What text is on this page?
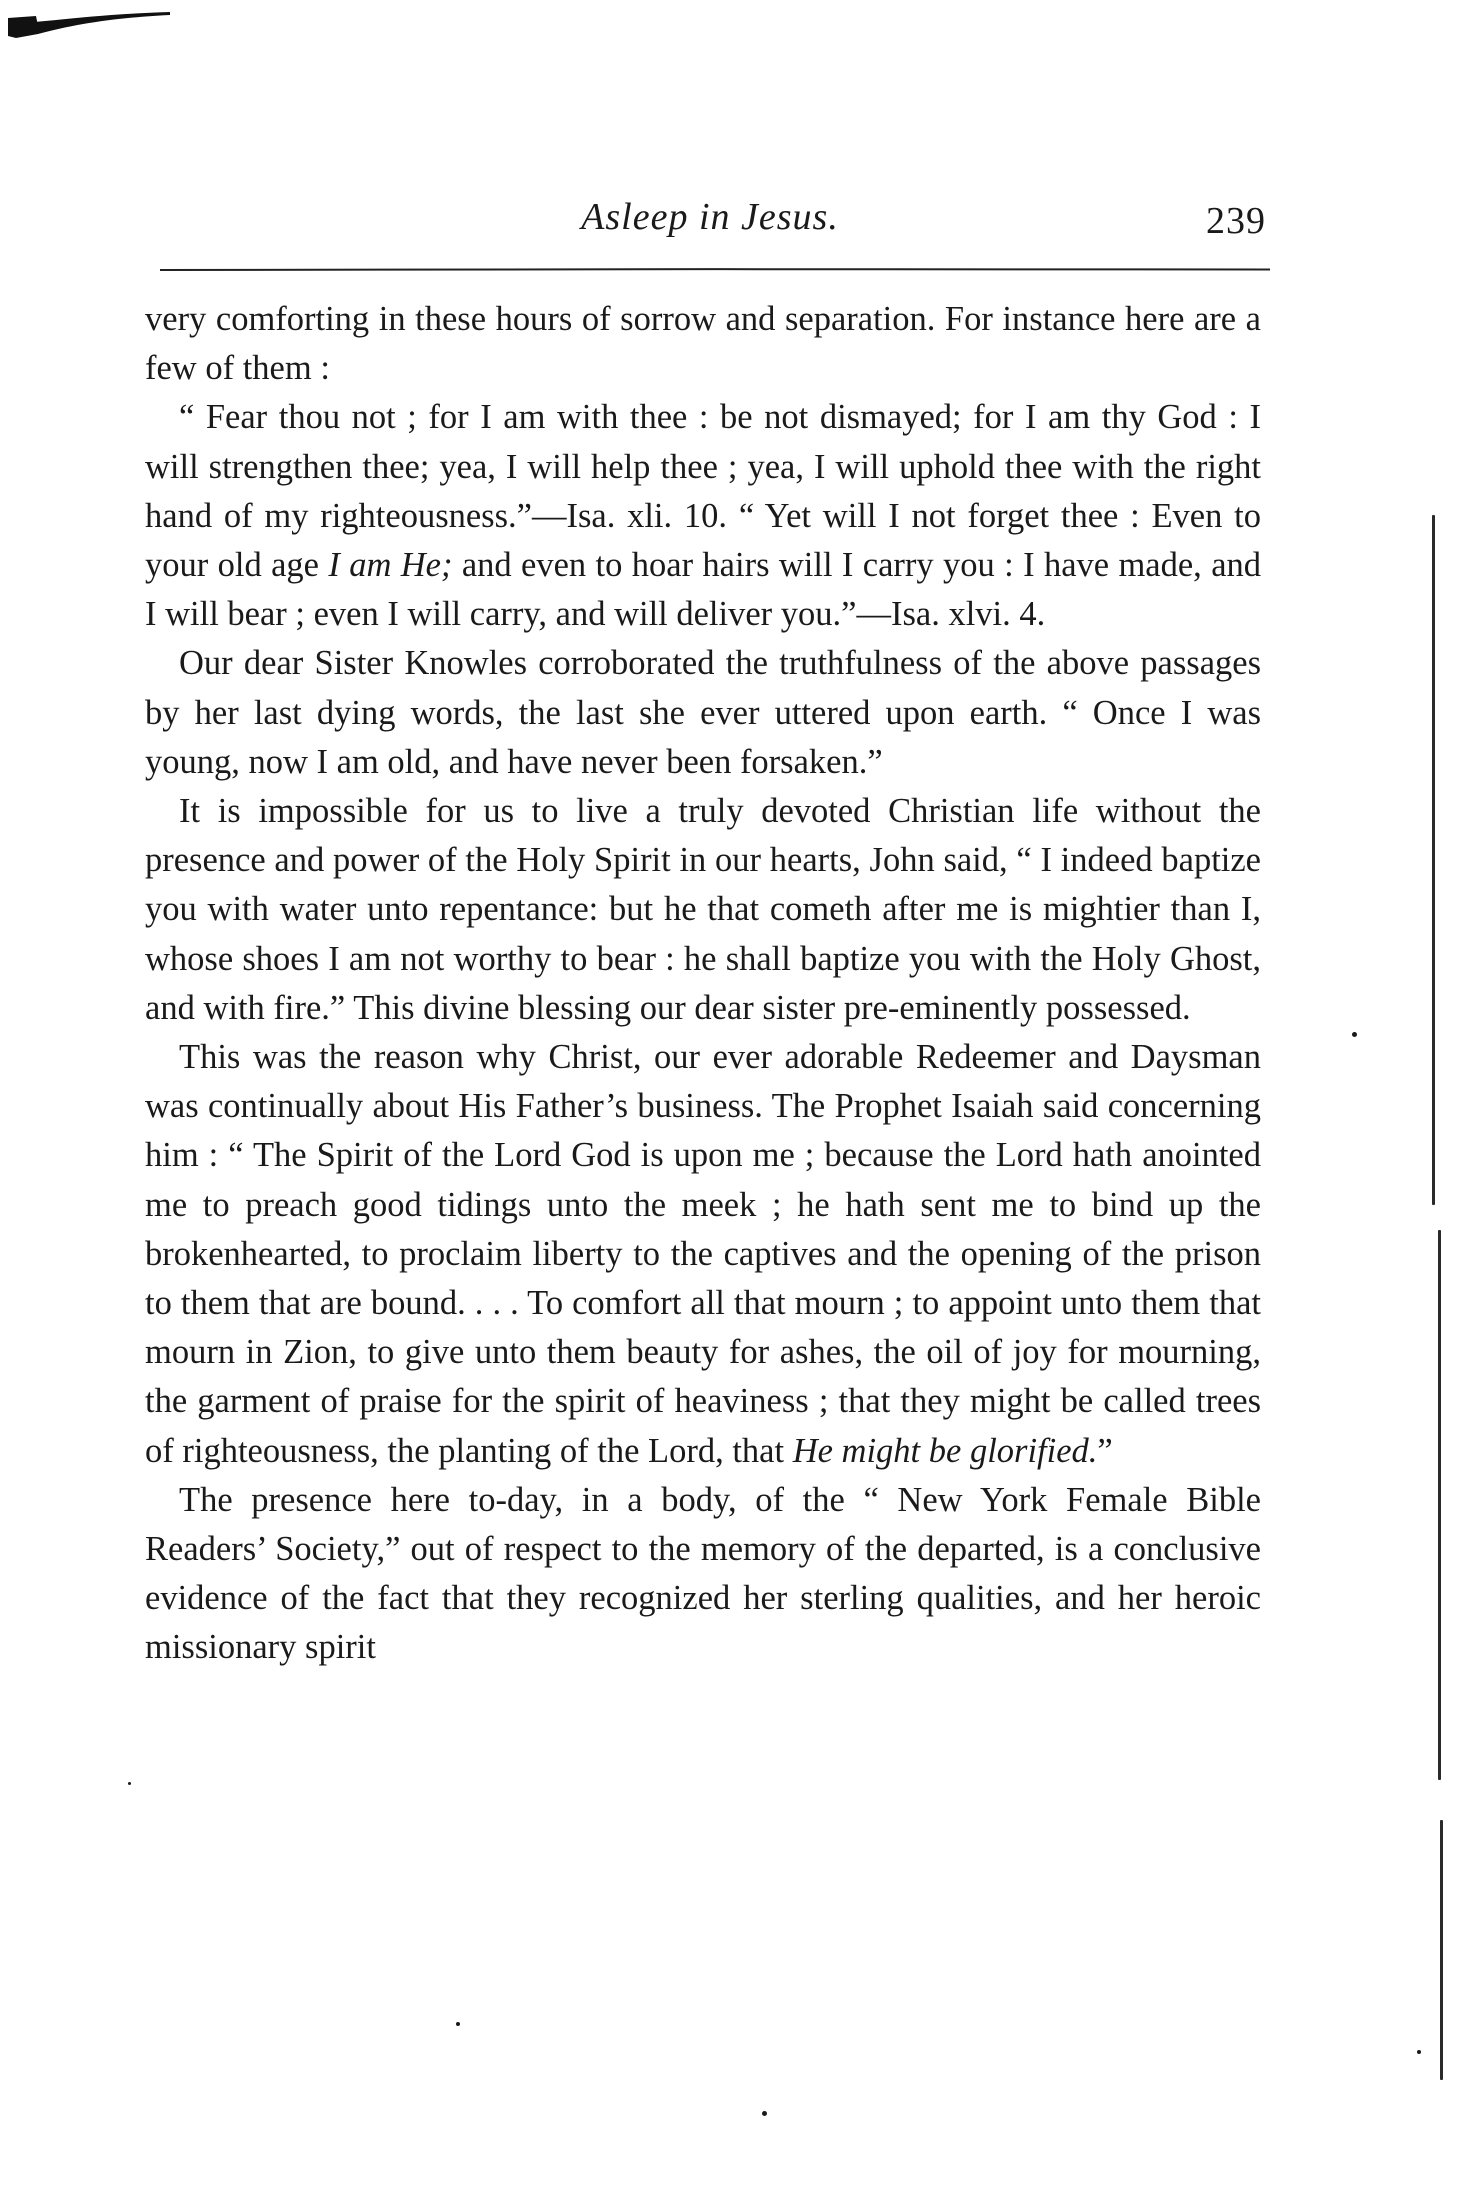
Asleep in Jesus.	239

very comforting in these hours of sorrow and separation. For instance here are a few of them :

“ Fear thou not ; for I am with thee : be not dismayed; for I am thy God : I will strengthen thee; yea, I will help thee ; yea, I will uphold thee with the right hand of my righteousness.”—Isa. xli. 10. “ Yet will I not forget thee : Even to your old age I am He; and even to hoar hairs will I carry you : I have made, and I will bear ; even I will carry, and will deliver you.”—Isa. xlvi. 4.

Our dear Sister Knowles corroborated the truthfulness of the above passages by her last dying words, the last she ever uttered upon earth. “ Once I was young, now I am old, and have never been forsaken.”

It is impossible for us to live a truly devoted Christian life without the presence and power of the Holy Spirit in our hearts, John said, “ I indeed baptize you with water unto repentance: but he that cometh after me is mightier than I, whose shoes I am not worthy to bear : he shall baptize you with the Holy Ghost, and with fire.” This divine blessing our dear sister pre-eminently possessed.

This was the reason why Christ, our ever adorable Redeemer and Daysman was continually about His Father’s business. The Prophet Isaiah said concerning him : “ The Spirit of the Lord God is upon me ; because the Lord hath anointed me to preach good tidings unto the meek ; he hath sent me to bind up the brokenhearted, to proclaim liberty to the captives and the opening of the prison to them that are bound. . . . To comfort all that mourn ; to appoint unto them that mourn in Zion, to give unto them beauty for ashes, the oil of joy for mourning, the garment of praise for the spirit of heaviness ; that they might be called trees of righteousness, the planting of the Lord, that He might be glorified.”

The presence here to-day, in a body, of the “ New York Female Bible Readers’ Society,” out of respect to the memory of the departed, is a conclusive evidence of the fact that they recognized her sterling qualities, and her heroic missionary spirit
